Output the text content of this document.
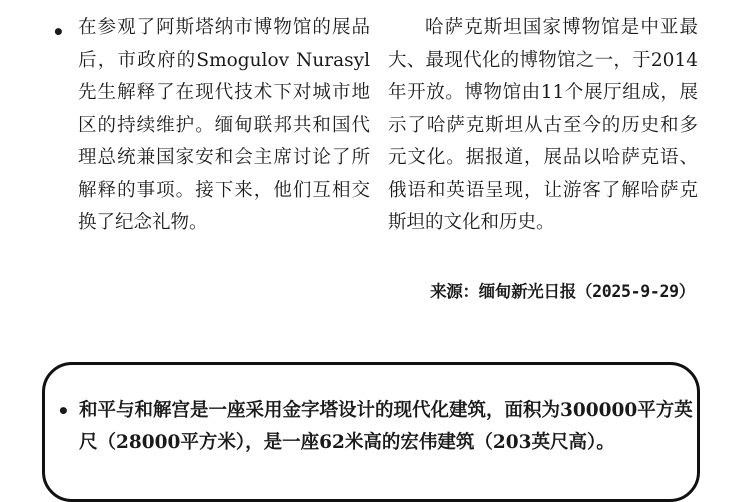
• 在参观了阿斯塔纳市博物馆的展品后，市政府的Smogulov Nurasyl先生解释了在现代技术下对城市地区的持续维护。缅甸联邦共和国代理总统兼国家安和会主席讨论了所解释的事项。接下来，他们互相交换了纪念礼物。

哈萨克斯坦国家博物馆是中亚最大、最现代化的博物馆之一，于2014年开放。博物馆由11个展厅组成，展示了哈萨克斯坦从古至今的历史和多元文化。据报道，展品以哈萨克语、俄语和英语呈现，让游客了解哈萨克斯坦的文化和历史。

来源：缅甸新光日报（2025-9-29）
• 和平与和解宫是一座采用金字塔设计的现代化建筑，面积为300000平方英尺（28000平方米），是一座62米高的宏伟建筑（203英尺高）。
